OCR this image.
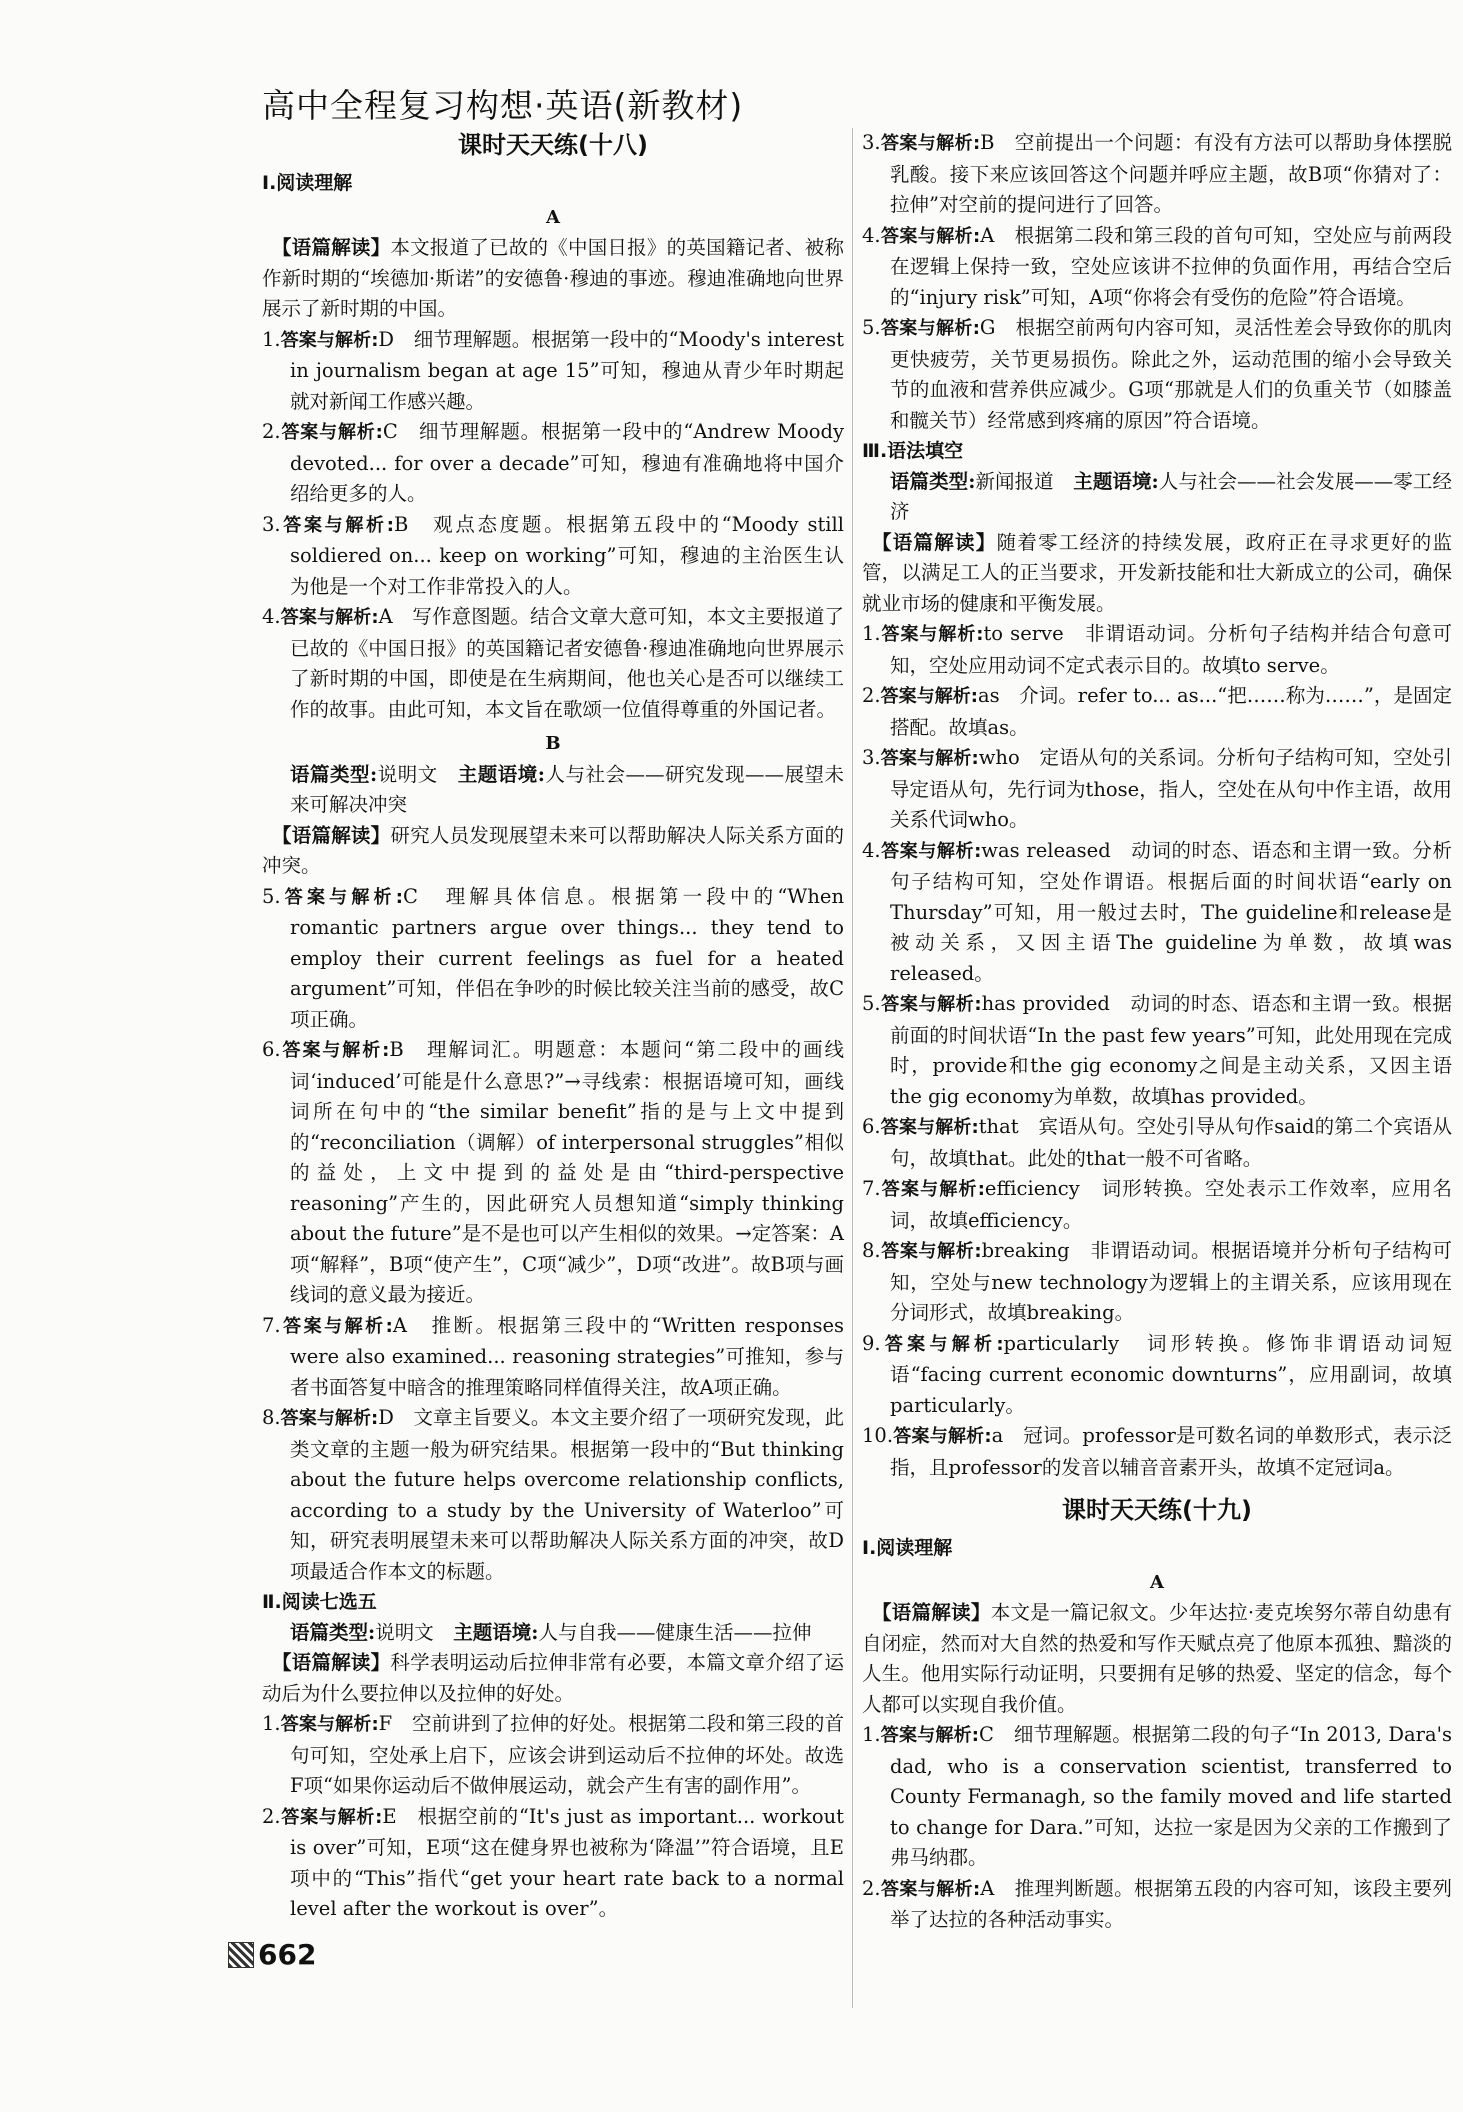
高中全程复习构想·英语(新教材)
课时天天练(十八)
Ⅰ.阅读理解
A

【语篇解读】本文报道了已故的《中国日报》的英国籍记者、被称作新时期的“埃德加·斯诺”的安德鲁·穆迪的事迹。穆迪准确地向世界展示了新时期的中国。

1.答案与解析:D　细节理解题。根据第一段中的“Moody's interest in journalism began at age 15”可知，穆迪从青少年时期起就对新闻工作感兴趣。

2.答案与解析:C　细节理解题。根据第一段中的“Andrew Moody devoted... for over a decade”可知，穆迪有准确地将中国介绍给更多的人。

3.答案与解析:B　观点态度题。根据第五段中的“Moody still soldiered on... keep on working”可知，穆迪的主治医生认为他是一个对工作非常投入的人。

4.答案与解析:A　写作意图题。结合文章大意可知，本文主要报道了已故的《中国日报》的英国籍记者安德鲁·穆迪准确地向世界展示了新时期的中国，即使是在生病期间，他也关心是否可以继续工作的故事。由此可知，本文旨在歌颂一位值得尊重的外国记者。

B

语篇类型:说明文　 主题语境:人与社会——研究发现——展望未来可解决冲突

【语篇解读】研究人员发现展望未来可以帮助解决人际关系方面的冲突。

5.答案与解析:C　理解具体信息。根据第一段中的“When romantic partners argue over things... they tend to employ their current feelings as fuel for a heated argument”可知，伴侣在争吵的时候比较关注当前的感受，故C项正确。

6.答案与解析:B　理解词汇。明题意：本题问“第二段中的画线词‘induced’可能是什么意思?”→寻线索：根据语境可知，画线词所在句中的“the similar benefit”指的是与上文中提到的“reconciliation（调解）of interpersonal struggles”相似的益处，上文中提到的益处是由“third-perspective reasoning”产生的，因此研究人员想知道“simply thinking about the future”是不是也可以产生相似的效果。→定答案：A项“解释”，B项“使产生”，C项“减少”，D项“改进”。故B项与画线词的意义最为接近。

7.答案与解析:A　推断。根据第三段中的“Written responses were also examined... reasoning strategies”可推知，参与者书面答复中暗含的推理策略同样值得关注，故A项正确。

8.答案与解析:D　文章主旨要义。本文主要介绍了一项研究发现，此类文章的主题一般为研究结果。根据第一段中的“But thinking about the future helps overcome relationship conflicts, according to a study by the University of Waterloo”可知，研究表明展望未来可以帮助解决人际关系方面的冲突，故D项最适合作本文的标题。

Ⅱ.阅读七选五

语篇类型:说明文　 主题语境:人与自我——健康生活——拉伸

【语篇解读】科学表明运动后拉伸非常有必要，本篇文章介绍了运动后为什么要拉伸以及拉伸的好处。

1.答案与解析:F　空前讲到了拉伸的好处。根据第二段和第三段的首句可知，空处承上启下，应该会讲到运动后不拉伸的坏处。故选F项“如果你运动后不做伸展运动，就会产生有害的副作用”。

2.答案与解析:E　根据空前的“It's just as important... workout is over”可知，E项“这在健身界也被称为‘降温’”符合语境，且E项中的“This”指代“get your heart rate back to a normal level after the workout is over”。

3.答案与解析:B　空前提出一个问题：有没有方法可以帮助身体摆脱乳酸。接下来应该回答这个问题并呼应主题，故B项“你猜对了：拉伸”对空前的提问进行了回答。

4.答案与解析:A　根据第二段和第三段的首句可知，空处应与前两段在逻辑上保持一致，空处应该讲不拉伸的负面作用，再结合空后的“injury risk”可知，A项“你将会有受伤的危险”符合语境。

5.答案与解析:G　根据空前两句内容可知，灵活性差会导致你的肌肉更快疲劳，关节更易损伤。除此之外，运动范围的缩小会导致关节的血液和营养供应减少。G项“那就是人们的负重关节（如膝盖和髋关节）经常感到疼痛的原因”符合语境。

Ⅲ.语法填空

语篇类型:新闻报道　 主题语境:人与社会——社会发展——零工经济

【语篇解读】随着零工经济的持续发展，政府正在寻求更好的监管，以满足工人的正当要求，开发新技能和壮大新成立的公司，确保就业市场的健康和平衡发展。

1.答案与解析:to serve　非谓语动词。分析句子结构并结合句意可知，空处应用动词不定式表示目的。故填to serve。

2.答案与解析:as　介词。refer to... as...“把……称为……”，是固定搭配。故填as。

3.答案与解析:who　定语从句的关系词。分析句子结构可知，空处引导定语从句，先行词为those，指人，空处在从句中作主语，故用关系代词who。

4.答案与解析:was released　动词的时态、语态和主谓一致。分析句子结构可知，空处作谓语。根据后面的时间状语“early on Thursday”可知，用一般过去时，The guideline和release是被动关系，又因主语The guideline为单数，故填was released。

5.答案与解析:has provided　动词的时态、语态和主谓一致。根据前面的时间状语“In the past few years”可知，此处用现在完成时，provide和the gig economy之间是主动关系，又因主语the gig economy为单数，故填has provided。

6.答案与解析:that　宾语从句。空处引导从句作said的第二个宾语从句，故填that。此处的that一般不可省略。

7.答案与解析:efficiency　词形转换。空处表示工作效率，应用名词，故填efficiency。

8.答案与解析:breaking　非谓语动词。根据语境并分析句子结构可知，空处与new technology为逻辑上的主谓关系，应该用现在分词形式，故填breaking。

9.答案与解析:particularly　词形转换。修饰非谓语动词短语“facing current economic downturns”，应用副词，故填particularly。

10.答案与解析:a　冠词。professor是可数名词的单数形式，表示泛指，且professor的发音以辅音音素开头，故填不定冠词a。

课时天天练(十九)
Ⅰ.阅读理解
A

【语篇解读】本文是一篇记叙文。少年达拉·麦克埃努尔蒂自幼患有自闭症，然而对大自然的热爱和写作天赋点亮了他原本孤独、黯淡的人生。他用实际行动证明，只要拥有足够的热爱、坚定的信念，每个人都可以实现自我价值。

1.答案与解析:C　细节理解题。根据第二段的句子“In 2013, Dara's dad, who is a conservation scientist, transferred to County Fermanagh, so the family moved and life started to change for Dara.”可知，达拉一家是因为父亲的工作搬到了弗马纳郡。

2.答案与解析:A　推理判断题。根据第五段的内容可知，该段主要列举了达拉的各种活动事实。

662
